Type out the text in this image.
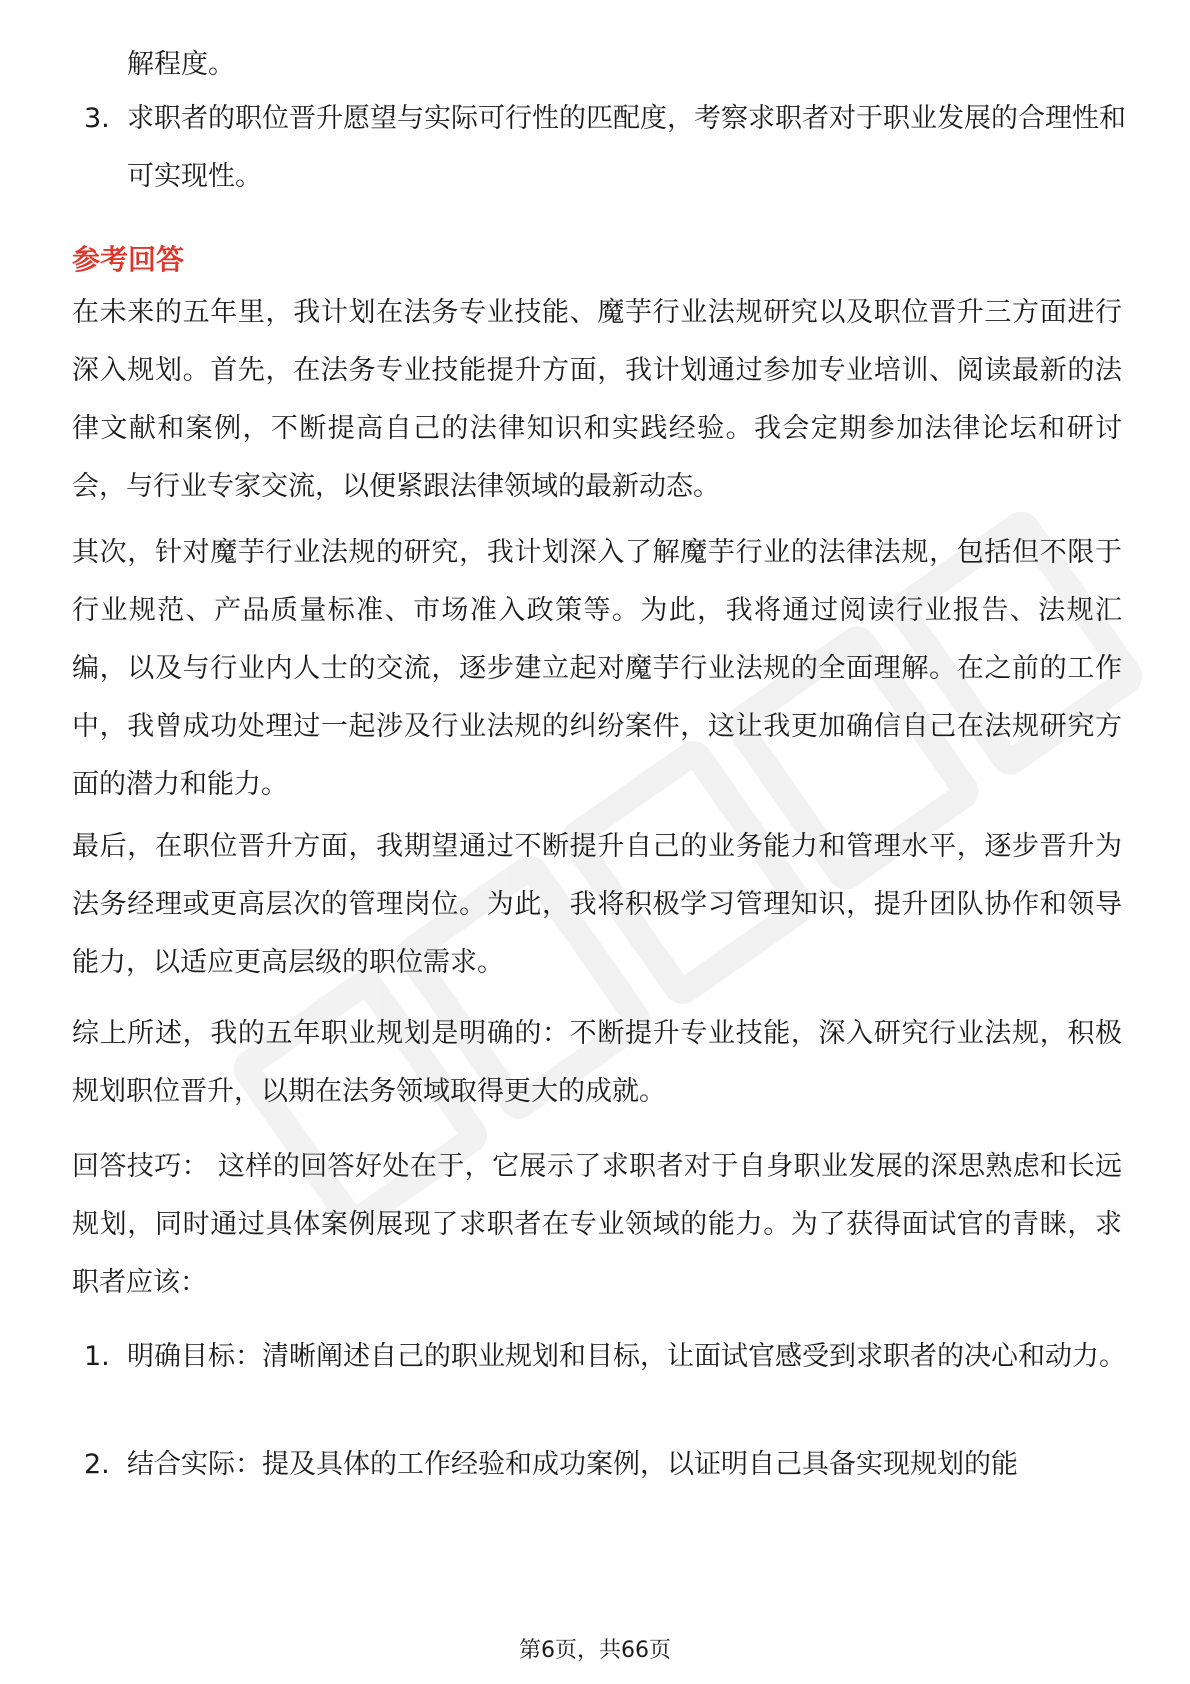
解程度。
3. 求职者的职位晋升愿望与实际可行性的匹配度，考察求职者对于职业发展的合理性和可实现性。
参考回答

在未来的五年里，我计划在法务专业技能、魔芋行业法规研究以及职位晋升三方面进行深入规划。首先，在法务专业技能提升方面，我计划通过参加专业培训、阅读最新的法律文献和案例，不断提高自己的法律知识和实践经验。我会定期参加法律论坛和研讨会，与行业专家交流，以便紧跟法律领域的最新动态。

其次，针对魔芋行业法规的研究，我计划深入了解魔芋行业的法律法规，包括但不限于行业规范、产品质量标准、市场准入政策等。为此，我将通过阅读行业报告、法规汇编，以及与行业内人士的交流，逐步建立起对魔芋行业法规的全面理解。在之前的工作中，我曾成功处理过一起涉及行业法规的纠纷案件，这让我更加确信自己在法规研究方面的潜力和能力。

最后，在职位晋升方面，我期望通过不断提升自己的业务能力和管理水平，逐步晋升为法务经理或更高层次的管理岗位。为此，我将积极学习管理知识，提升团队协作和领导能力，以适应更高层级的职位需求。

综上所述，我的五年职业规划是明确的：不断提升专业技能，深入研究行业法规，积极规划职位晋升，以期在法务领域取得更大的成就。

回答技巧： 这样的回答好处在于，它展示了求职者对于自身职业发展的深思熟虑和长远规划，同时通过具体案例展现了求职者在专业领域的能力。为了获得面试官的青睐，求职者应该：

1. 明确目标：清晰阐述自己的职业规划和目标，让面试官感受到求职者的决心和动力。
2. 结合实际：提及具体的工作经验和成功案例，以证明自己具备实现规划的能
第6页，共66页
